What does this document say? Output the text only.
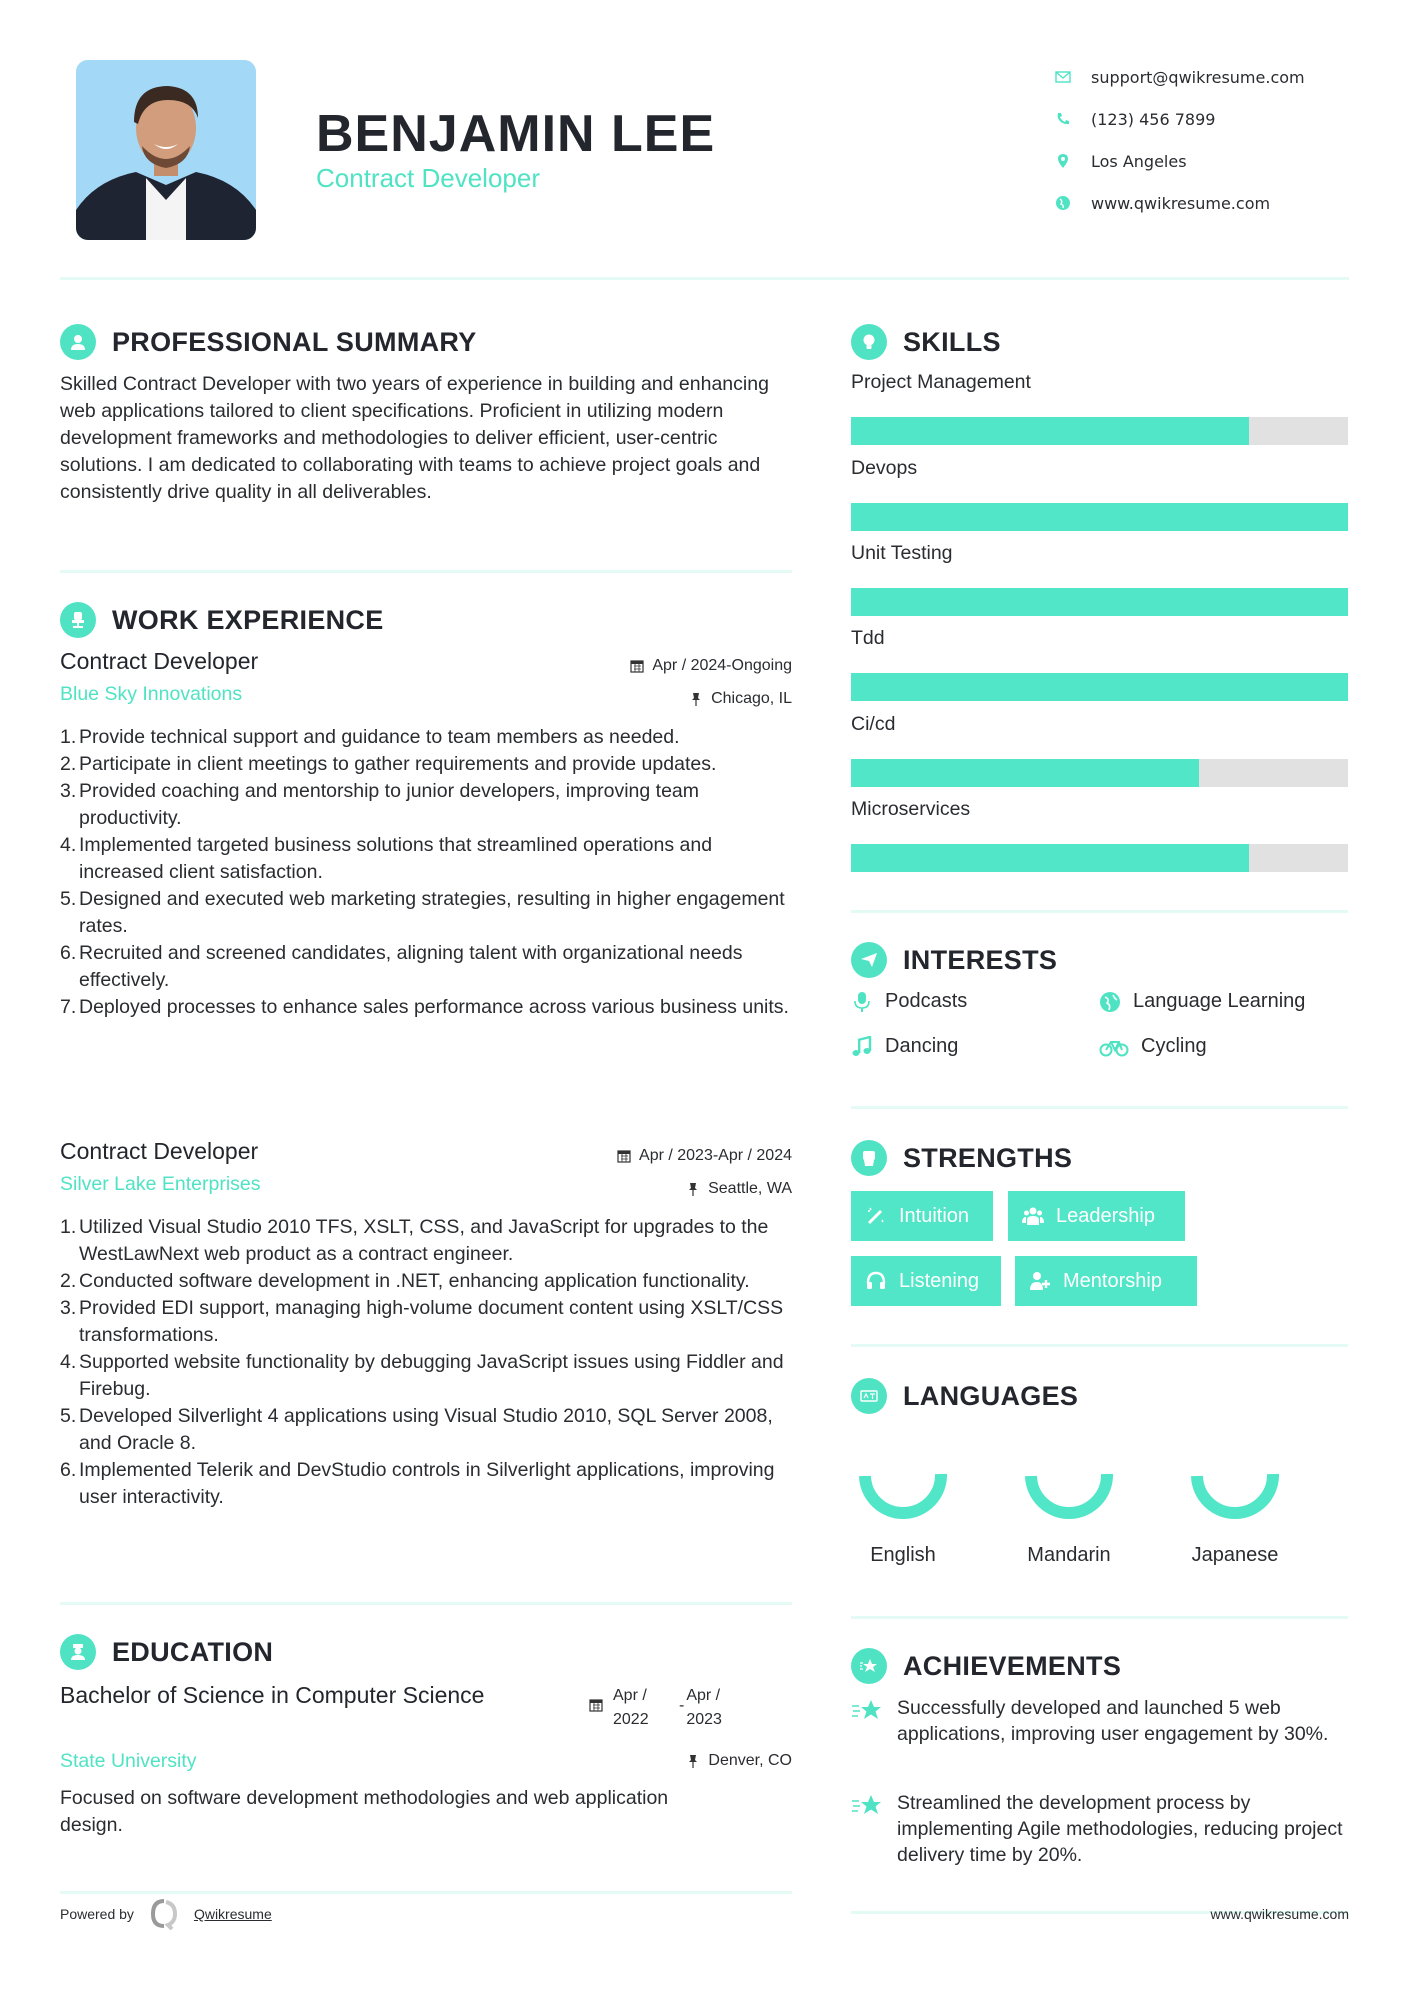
BENJAMIN LEE
Contract Developer
support@qwikresume.com
(123) 456 7899
Los Angeles
www.qwikresume.com
PROFESSIONAL SUMMARY
Skilled Contract Developer with two years of experience in building and enhancing web applications tailored to client specifications. Proficient in utilizing modern development frameworks and methodologies to deliver efficient, user-centric solutions. I am dedicated to collaborating with teams to achieve project goals and consistently drive quality in all deliverables.
WORK EXPERIENCE
Contract Developer
Blue Sky Innovations
Apr / 2024-Ongoing
Chicago, IL
1. Provide technical support and guidance to team members as needed.
2. Participate in client meetings to gather requirements and provide updates.
3. Provided coaching and mentorship to junior developers, improving team productivity.
4. Implemented targeted business solutions that streamlined operations and increased client satisfaction.
5. Designed and executed web marketing strategies, resulting in higher engagement rates.
6. Recruited and screened candidates, aligning talent with organizational needs effectively.
7. Deployed processes to enhance sales performance across various business units.
Contract Developer
Silver Lake Enterprises
Apr / 2023-Apr / 2024
Seattle, WA
1. Utilized Visual Studio 2010 TFS, XSLT, CSS, and JavaScript for upgrades to the WestLawNext web product as a contract engineer.
2. Conducted software development in .NET, enhancing application functionality.
3. Provided EDI support, managing high-volume document content using XSLT/CSS transformations.
4. Supported website functionality by debugging JavaScript issues using Fiddler and Firebug.
5. Developed Silverlight 4 applications using Visual Studio 2010, SQL Server 2008, and Oracle 8.
6. Implemented Telerik and DevStudio controls in Silverlight applications, improving user interactivity.
EDUCATION
Bachelor of Science in Computer Science	Apr /
2022
-
Apr /
2023
State University	Denver, CO
Focused on software development methodologies and web application design.
SKILLS
Project Management
Devops
Unit Testing
Tdd
Ci/cd
Microservices
INTERESTS
Podcasts	Language Learning
Dancing	Cycling
STRENGTHS
Intuition	Leadership
Listening	Mentorship
LANGUAGES
English	Mandarin	Japanese
ACHIEVEMENTS
Successfully developed and launched 5 web applications, improving user engagement by 30%.
Streamlined the development process by implementing Agile methodologies, reducing project delivery time by 20%.
Powered by	Qwikresume	www.qwikresume.com
